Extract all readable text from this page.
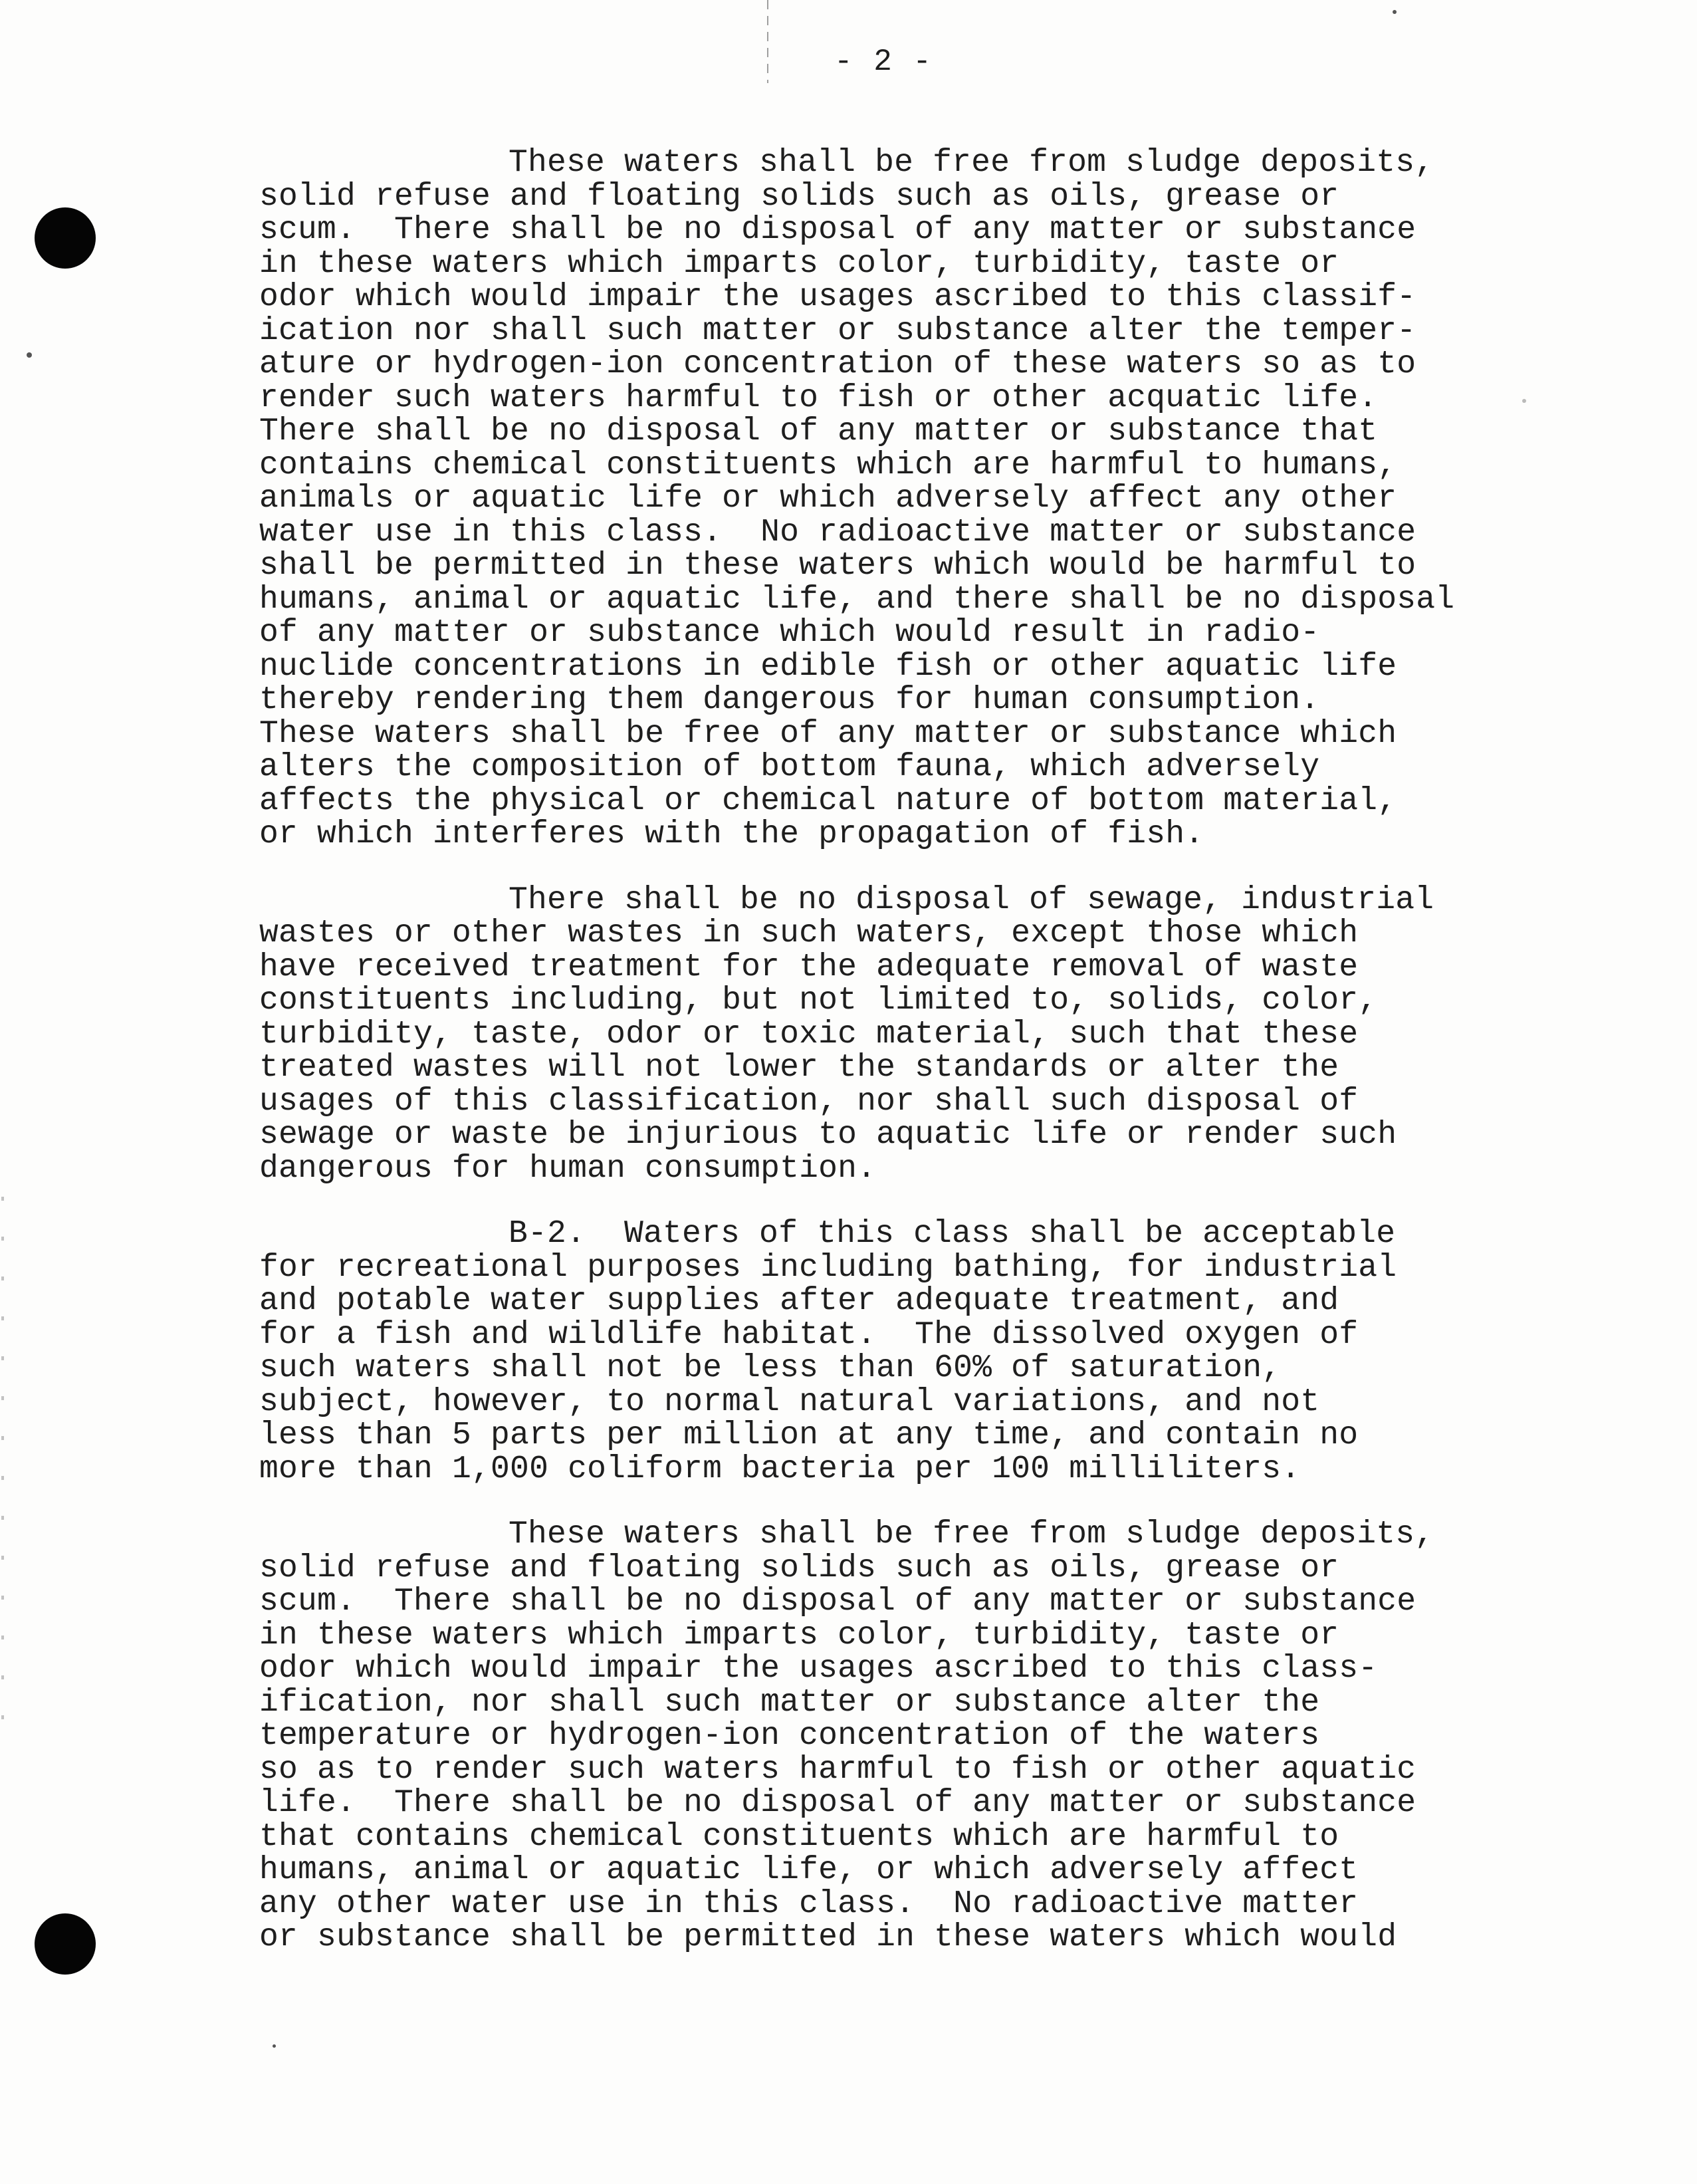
- 2 -
These waters shall be free from sludge deposits,
solid refuse and floating solids such as oils, grease or
scum.  There shall be no disposal of any matter or substance
in these waters which imparts color, turbidity, taste or
odor which would impair the usages ascribed to this classif-
ication nor shall such matter or substance alter the temper-
ature or hydrogen-ion concentration of these waters so as to
render such waters harmful to fish or other acquatic life.
There shall be no disposal of any matter or substance that
contains chemical constituents which are harmful to humans,
animals or aquatic life or which adversely affect any other
water use in this class.  No radioactive matter or substance
shall be permitted in these waters which would be harmful to
humans, animal or aquatic life, and there shall be no disposal
of any matter or substance which would result in radio-
nuclide concentrations in edible fish or other aquatic life
thereby rendering them dangerous for human consumption.
These waters shall be free of any matter or substance which
alters the composition of bottom fauna, which adversely
affects the physical or chemical nature of bottom material,
or which interferes with the propagation of fish.
There shall be no disposal of sewage, industrial
wastes or other wastes in such waters, except those which
have received treatment for the adequate removal of waste
constituents including, but not limited to, solids, color,
turbidity, taste, odor or toxic material, such that these
treated wastes will not lower the standards or alter the
usages of this classification, nor shall such disposal of
sewage or waste be injurious to aquatic life or render such
dangerous for human consumption.
B-2.  Waters of this class shall be acceptable
for recreational purposes including bathing, for industrial
and potable water supplies after adequate treatment, and
for a fish and wildlife habitat.  The dissolved oxygen of
such waters shall not be less than 60% of saturation,
subject, however, to normal natural variations, and not
less than 5 parts per million at any time, and contain no
more than 1,000 coliform bacteria per 100 milliliters.
These waters shall be free from sludge deposits,
solid refuse and floating solids such as oils, grease or
scum.  There shall be no disposal of any matter or substance
in these waters which imparts color, turbidity, taste or
odor which would impair the usages ascribed to this class-
ification, nor shall such matter or substance alter the
temperature or hydrogen-ion concentration of the waters
so as to render such waters harmful to fish or other aquatic
life.  There shall be no disposal of any matter or substance
that contains chemical constituents which are harmful to
humans, animal or aquatic life, or which adversely affect
any other water use in this class.  No radioactive matter
or substance shall be permitted in these waters which would
